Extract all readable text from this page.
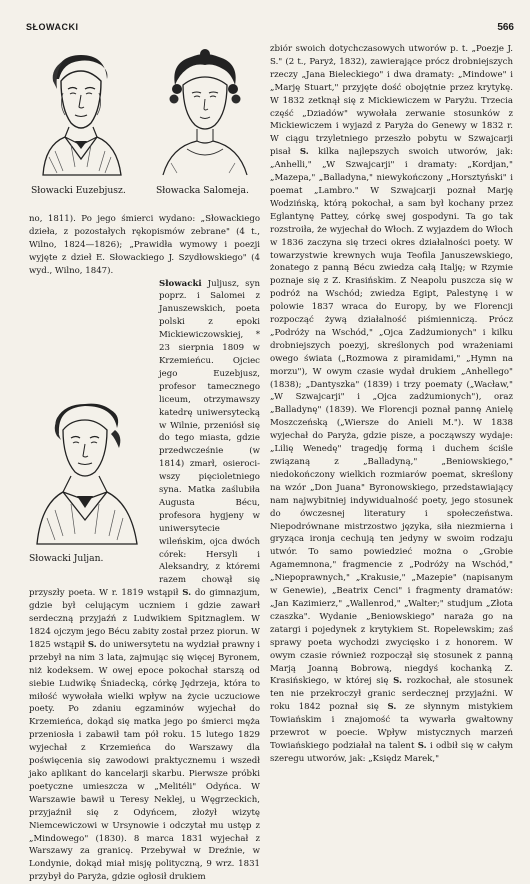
SŁOWACKI	566
Słowacki Euzebjusz.	Słowacka Salomeja.

no, 1811). Po jego śmierci wydano: „Słowackiego dzieła, z pozostałych rękopismów zebrane" (4 t., Wilno, 1824—1826); „Prawidła wymowy i poezji wyjęte z dzieł E. Słowackiego J. Szydłowskiego" (4 wyd., Wilno, 1847).

Słowacki Juljan.
Słowacki Juljusz, syn poprz. i Salomei z Januszewskich, poeta polski z epoki Mickiewiczowskiej, * 23 sierpnia 1809 w Krzemieńcu. Ojciec jego Euzebjusz, profesor tamecznego liceum, otrzymawszy katedrę uniwersytecką w Wilnie, przeniósł się do tego miasta, gdzie przedwcześnie (w 1814) zmarł, osierociwszy pięcioletniego syna. Matka zaślubiła Augusta Bécu, profesora hygjeny w uniwersytecie wileńskim, ojca dwóch córek: Hersyli i Aleksandry, z któremi razem chowął się przyszły poeta. W r. 1819 wstąpił S. do gimnazjum, gdzie był celującym uczniem i gdzie zawarł serdeczną przyjaźń z Ludwikiem Spitznaglem. W 1824 ojczym jego Bécu zabity został przez piorun. W 1825 wstąpił S. do uniwersytetu na wydział prawny i przebył na nim 3 lata, zajmując się więcej Byronem, niż kodeksem. W owej epoce pokochał starszą od siebie Ludwikę Śniadecką, córkę Jędrzeja, która to miłość wywołała wielki wpływ na życie uczuciowe poety. Po zdaniu egzaminów wyjechał do Krzemieńca, dokąd się matka jego po śmierci męża przeniosła i zabawił tam pół roku. 15 lutego 1829 wyjechał z Krzemieńca do Warszawy dla poświęcenia się zawodowi praktycznemu i wszedł jako aplikant do kancelarji skarbu. Pierwsze próbki poetyczne umieszcza w „Melitéli" Odyńca. W Warszawie bawił u Teresy Neklej, u Węgrzeckich, przyjaźnił się z Odyńcem, złożył wizytę Niemcewiczowi w Ursynowie i odczytał mu ustęp z „Mindowego" (1830). 8 marca 1831 wyjechał z Warszawy za granicę. Przebywał w Dreźnie, w Londynie, dokąd miał misję polityczną, 9 wrz. 1831 przybył do Paryża, gdzie ogłosił drukiem

zbiór swoich dotychczasowych utworów p. t. „Poezje J. S." (2 t., Paryż, 1832), zawierające prócz drobniejszych rzeczy „Jana Bieleckiego" i dwa dramaty: „Mindowe" i „Marję Stuart," przyjęte dość obojętnie przez krytykę. W 1832 zetknął się z Mickiewiczem w Paryżu. Trzecia część „Dziadów" wywołała zerwanie stosunków z Mickiewiczem i wyjazd z Paryża do Genewy w 1832 r. W ciągu trzyletniego przeszło pobytu w Szwajcarji pisał S. kilka najlepszych swoich utworów, jak: „Anhelli," „W Szwajcarji" i dramaty: „Kordjan," „Mazepa," „Balladyna," niewykończony „Horsztyński" i poemat „Lambro." W Szwajcarji poznał Marję Wodzińską, którą pokochał, a sam był kochany przez Eglantynę Pattey, córkę swej gospodyni. Ta go tak rozstroiła, że wyjechał do Włoch. Z wyjazdem do Włoch w 1836 zaczyna się trzeci okres działalności poety. W towarzystwie krewnych wuja Teofila Januszewskiego, żonatego z panną Bécu zwiedza całą Italję; w Rzymie poznaje się z Z. Krasińskim. Z Neapolu puszcza się w podróż na Wschód; zwiedza Egipt, Palestynę i w polowie 1837 wraca do Europy, by we Florencji rozpocząć żywą działalność piśmienniczą. Prócz „Podróży na Wschód," „Ojca Zadżumionych" i kilku drobniejszych poezyj, skreślonych pod wrażeniami owego świata („Rozmowa z piramidami," „Hymn na morzu"), W owym czasie wydał drukiem „Anhellego" (1838); „Dantyszka" (1839) i trzy poematy („Wacław," „W Szwajcarji" i „Ojca zadżumionych"), oraz „Balladynę" (1839). We Florencji poznał pannę Anielę Moszczeńską („Wiersze do Anieli M."). W 1838 wyjechał do Paryża, gdzie pisze, a począwszy wydaje: „Lilię Wenedę" tragedję formą i duchem ściśle związaną z „Balladyną," „Beniowskiego," niedokończony wielkich rozmiarów poemat, skreślony na wzór „Don Juana" Byronowskiego, przedstawiający nam najwybitniej indywidualność poety, jego stosunek do ówczesnej literatury i społeczeństwa. Niepodrównane mistrzostwo języka, siła niezmierna i gryząca ironja cechują ten jedyny w swoim rodzaju utwór. To samo powiedzieć można o „Grobie Agamemnona," fragmencie z „Podróży na Wschód," „Niepoprawnych," „Krakusie," „Mazepie" (napisanym w Genewie), „Beatrix Cenci" i fragmenty dramatów: „Jan Kazimierz," „Wallenrod," „Walter;" studjum „Złota czaszka". Wydanie „Beniowskiego" naraża go na zatargi i pojedynek z krytykiem St. Ropelewskim; zaś sprawy poeta wychodzi zwycięsko i z honorem. W owym czasie również rozpoczął się stosunek z panną Marją Joanną Bobrową, niegdyś kochanką Z. Krasińskiego, w której się S. rozkochał, ale stosunek ten nie przekroczył granic serdecznej przyjaźni. W roku 1842 poznał się S. ze słynnym mistykiem Towiańskim i znajomość ta wywarła gwałtowny przewrot w poecie. Wpływ mistycznych marzeń Towiańskiego podziałał na talent S. i odbił się w całym szeregu utworów, jak: „Księdz Marek,"
